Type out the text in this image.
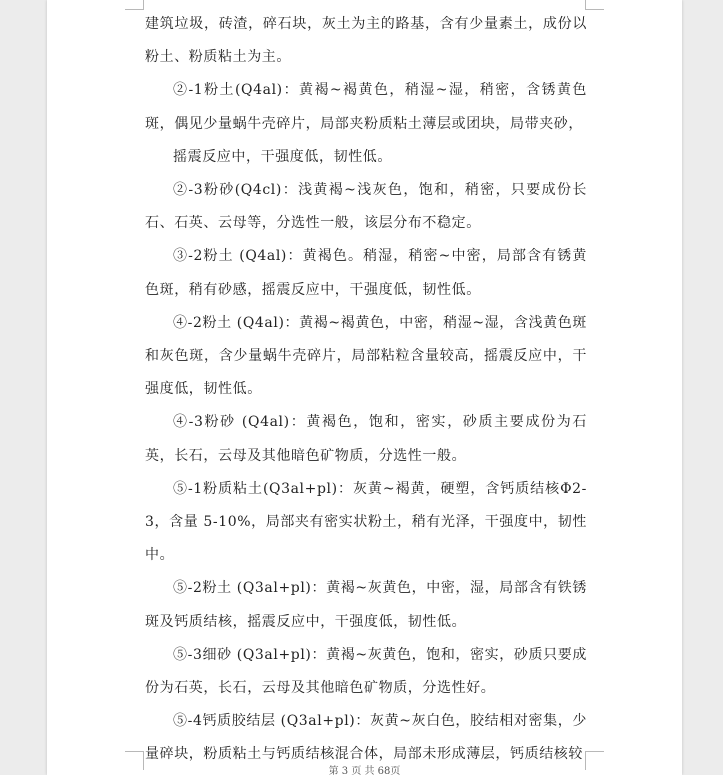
建筑垃圾，砖渣，碎石块，灰土为主的路基，含有少量素土，成份以粉土、粉质粘土为主。

②-1粉土(Q4al)：黄褐~褐黄色，稍湿~湿，稍密，含锈黄色斑，偶见少量蜗牛壳碎片，局部夹粉质粘土薄层或团块，局带夹砂，

摇震反应中，干强度低，韧性低。

②-3粉砂(Q4cl)：浅黄褐~浅灰色，饱和，稍密，只要成份长石、石英、云母等，分选性一般，该层分布不稳定。

③-2粉土 (Q4al)：黄褐色。稍湿，稍密~中密，局部含有锈黄色斑，稍有砂感，摇震反应中，干强度低，韧性低。

④-2粉土 (Q4al)：黄褐~褐黄色，中密，稍湿~湿，含浅黄色斑和灰色斑，含少量蜗牛壳碎片，局部粘粒含量较高，摇震反应中，干强度低，韧性低。

④-3粉砂 (Q4al)：黄褐色，饱和，密实，砂质主要成份为石英，长石，云母及其他暗色矿物质，分选性一般。

⑤-1粉质粘土(Q3al+pl)：灰黄~褐黄，硬塑，含钙质结核Φ2-3，含量 5-10%，局部夹有密实状粉土，稍有光泽，干强度中，韧性中。

⑤-2粉土 (Q3al+pl)：黄褐~灰黄色，中密，湿，局部含有铁锈斑及钙质结核，摇震反应中，干强度低，韧性低。

⑤-3细砂 (Q3al+pl)：黄褐~灰黄色，饱和，密实，砂质只要成份为石英，长石，云母及其他暗色矿物质，分选性好。

⑤-4钙质胶结层 (Q3al+pl)：灰黄~灰白色，胶结相对密集，少量碎块，粉质粘土与钙质结核混合体，局部未形成薄层，钙质结核较

第 3 页 共 68页
